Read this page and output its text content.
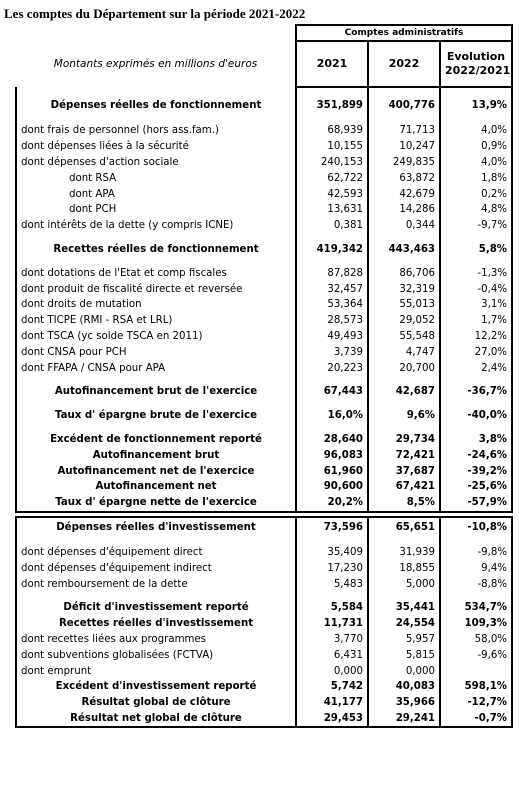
Les comptes du Département sur la période 2021-2022
	Comptes administratifs		
Montants exprimés en millions d'euros	2021	2022	Evolution
2022/2021

Dépenses réelles de fonctionnement	351,899	400,776	13,9%

dont frais de personnel (hors ass.fam.)	68,939	71,713	4,0%
dont dépenses liées à la sécurité	10,155	10,247	0,9%
dont dépenses d'action sociale	240,153	249,835	4,0%
dont RSA	62,722	63,872	1,8%
dont APA	42,593	42,679	0,2%
dont PCH	13,631	14,286	4,8%
dont intérêts de la dette (y compris ICNE)	0,381	0,344	-9,7%

Recettes réelles de fonctionnement	419,342	443,463	5,8%

dont dotations de l'Etat et comp fiscales	87,828	86,706	-1,3%
dont produit de fiscalité directe et reversée	32,457	32,319	-0,4%
dont droits de mutation	53,364	55,013	3,1%
dont TICPE (RMI - RSA et LRL)	28,573	29,052	1,7%
dont TSCA (yc solde TSCA en 2011)	49,493	55,548	12,2%
dont CNSA pour PCH	3,739	4,747	27,0%
dont FFAPA / CNSA pour APA	20,223	20,700	2,4%

Autofinancement brut de l'exercice	67,443	42,687	-36,7%

Taux d' épargne brute de l'exercice	16,0%	9,6%	-40,0%

Excédent de fonctionnement reporté	28,640	29,734	3,8%
Autofinancement brut	96,083	72,421	-24,6%
Autofinancement net de l'exercice	61,960	37,687	-39,2%
Autofinancement net	90,600	67,421	-25,6%
Taux d' épargne nette de l'exercice	20,2%	8,5%	-57,9%

Dépenses réelles d'investissement	73,596	65,651	-10,8%

dont dépenses d'équipement direct	35,409	31,939	-9,8%
dont dépenses d'équipement indirect	17,230	18,855	9,4%
dont remboursement de la dette	5,483	5,000	-8,8%

Déficit d'investissement reporté	5,584	35,441	534,7%
Recettes réelles d'investissement	11,731	24,554	109,3%
dont recettes liées aux programmes	3,770	5,957	58,0%
dont subventions globalisées (FCTVA)	6,431	5,815	-9,6%
dont emprunt	0,000	0,000	
Excédent d'investissement reporté	5,742	40,083	598,1%
Résultat global de clôture	41,177	35,966	-12,7%
Résultat net global de clôture	29,453	29,241	-0,7%
